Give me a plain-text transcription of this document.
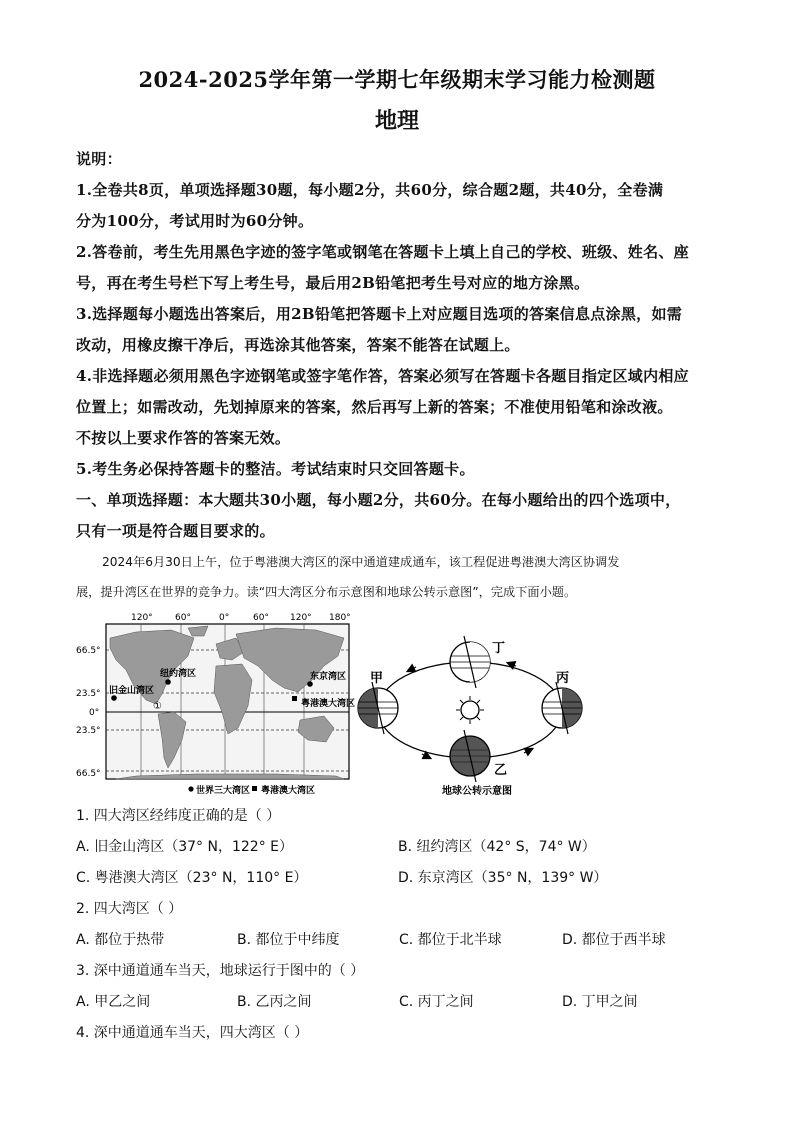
2024-2025学年第一学期七年级期末学习能力检测题
地理
说明：
1.全卷共8页，单项选择题30题，每小题2分，共60分，综合题2题，共40分，全卷满
分为100分，考试用时为60分钟。
2.答卷前，考生先用黑色字迹的签字笔或钢笔在答题卡上填上自己的学校、班级、姓名、座
号，再在考生号栏下写上考生号，最后用2B铅笔把考生号对应的地方涂黑。
3.选择题每小题选出答案后，用2B铅笔把答题卡上对应题目选项的答案信息点涂黑，如需
改动，用橡皮擦干净后，再选涂其他答案，答案不能答在试题上。
4.非选择题必须用黑色字迹钢笔或签字笔作答，答案必须写在答题卡各题目指定区域内相应
位置上；如需改动，先划掉原来的答案，然后再写上新的答案；不准使用铅笔和涂改液。
不按以上要求作答的答案无效。
5.考生务必保持答题卡的整洁。考试结束时只交回答题卡。
一、单项选择题：本大题共30小题，每小题2分，共60分。在每小题给出的四个选项中，
只有一项是符合题目要求的。
2024年6月30日上午，位于粤港澳大湾区的深中通道建成通车，该工程促进粤港澳大湾区协调发
展，提升湾区在世界的竞争力。读“四大湾区分布示意图和地球公转示意图”，完成下面小题。
120° 60°	0°	60° 120° 180°
66.5°
23.5°
0°
23.5°
66.5°
纽约湾区
旧金山湾区
东京湾区
粤港澳大湾区
①
世界三大湾区 粤港澳大湾区
丁
甲	丙
乙
地球公转示意图
1. 四大湾区经纬度正确的是（ ）
A. 旧金山湾区（37° N，122° E）	B. 纽约湾区（42° S，74° W）
C. 粤港澳大湾区（23° N，110° E）	D. 东京湾区（35° N，139° W）
2. 四大湾区（ ）
A. 都位于热带	B. 都位于中纬度	C. 都位于北半球	D. 都位于西半球
3. 深中通道通车当天，地球运行于图中的（ ）
A. 甲乙之间	B. 乙丙之间	C. 丙丁之间	D. 丁甲之间
4. 深中通道通车当天，四大湾区（ ）
